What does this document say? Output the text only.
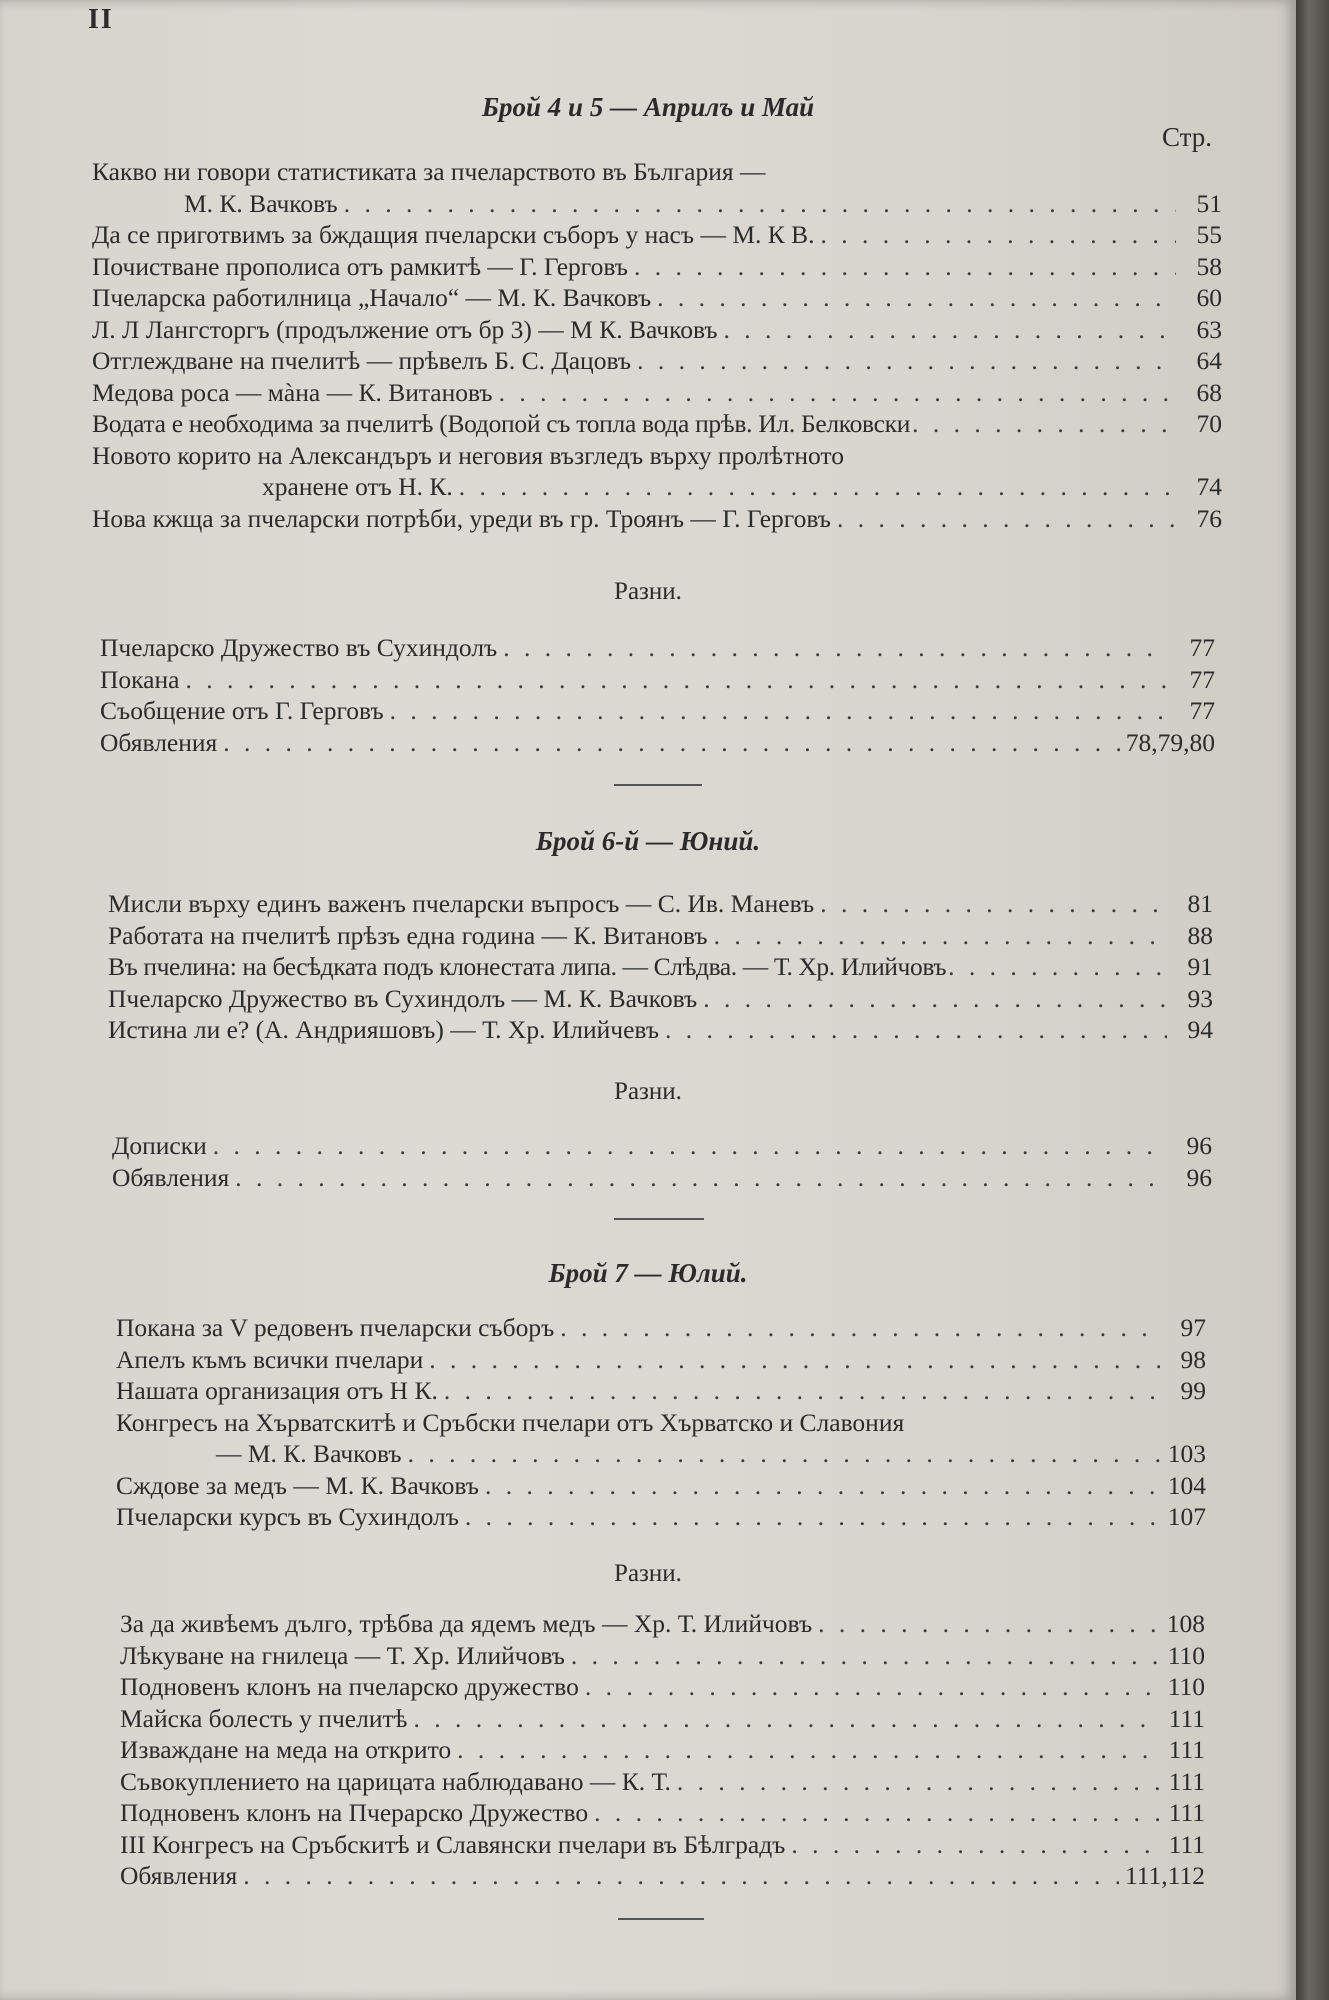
II
Брой 4 и 5 — Априлъ и Май
Стр.
Какво ни говори статистиката за пчеларството въ България —
М. К. Вачковъ . . .	51
Да се приготвимъ за бждащия пчеларски съборъ у насъ — М. К В. . . .	55
Почистване прополиса отъ рамкитѣ — Г. Герговъ . . .	58
Пчеларска работилница „Начало“ — М. К. Вачковъ . . .	60
Л. Л Лангсторгъ (продължение отъ бр 3) — М К. Вачковъ . . .	63
Отглеждване на пчелитѣ — прѣвелъ Б. С. Дацовъ . . .	64
Медова роса — мàна — К. Витановъ . . .	68
Водата е необходима за пчелитѣ (Водопой съ топла вода прѣв. Ил. Белковски . . .	70
Новото корито на Александъръ и неговия възгледъ върху пролѣтното
хранене отъ Н. К. . . .	74
Нова кжща за пчеларски потрѣби, уреди въ гр. Троянъ — Г. Герговъ . . .	76
Разни.
Пчеларско Дружество въ Сухиндолъ . . .	77
Покана . . .	77
Съобщение отъ Г. Герговъ . . .	77
Обявления . . .	78,79,80
Брой 6-й — Юний.
Мисли върху единъ важенъ пчеларски въпросъ — С. Ив. Маневъ . . .	81
Работата на пчелитѣ прѣзъ една година — К. Витановъ . . .	88
Въ пчелина: на бесѣдката подъ клонестата липа. — Слѣдва. — Т. Хр. Илийчовъ . . .	91
Пчеларско Дружество въ Сухиндолъ — М. К. Вачковъ . . .	93
Истина ли е? (А. Андрияшовъ) — Т. Хр. Илийчевъ . . .	94
Разни.
Дописки . . .	96
Обявления . . .	96
Брой 7 — Юлий.
Покана за V редовенъ пчеларски съборъ . . .	97
Апелъ къмъ всички пчелари . . .	98
Нашата организация отъ Н К. . . .	99
Конгресъ на Хърватскитѣ и Сръбски пчелари отъ Хърватско и Славония
— М. К. Вачковъ . . .	103
Сждове за медъ — М. К. Вачковъ . . .	104
Пчеларски курсъ въ Сухиндолъ . . .	107
Разни.
За да живѣемъ дълго, трѣбва да ядемъ медъ — Хр. Т. Илийчовъ . . .	108
Лѣкуване на гнилеца — Т. Хр. Илийчовъ . . .	110
Подновенъ клонъ на пчеларско дружество . . .	110
Майска болесть у пчелитѣ . . .	111
Изваждане на меда на открито . . .	111
Съвокуплението на царицата наблюдавано — К. Т. . . .	111
Подновенъ клонъ на Пчерарско Дружество . . .	111
III Конгресъ на Сръбскитѣ и Славянски пчелари въ Бѣлградъ . . .	111
Обявления . . .	111,112
